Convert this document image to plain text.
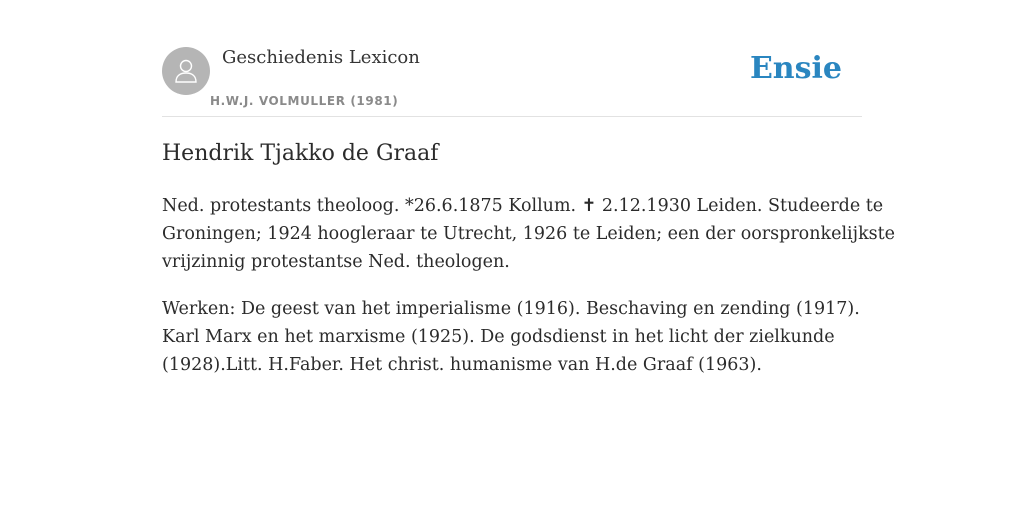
Geschiedenis Lexicon
H.W.J. VOLMULLER (1981)
Ensie
Hendrik Tjakko de Graaf

Ned. protestants theoloog. *26.6.1875 Kollum. ✝ 2.12.1930 Leiden. Studeerde te
Groningen; 1924 hoogleraar te Utrecht, 1926 te Leiden; een der oorspronkelijkste
vrijzinnig protestantse Ned. theologen.

Werken: De geest van het imperialisme (1916). Beschaving en zending (1917).
Karl Marx en het marxisme (1925). De godsdienst in het licht der zielkunde
(1928).Litt. H.Faber. Het christ. humanisme van H.de Graaf (1963).
